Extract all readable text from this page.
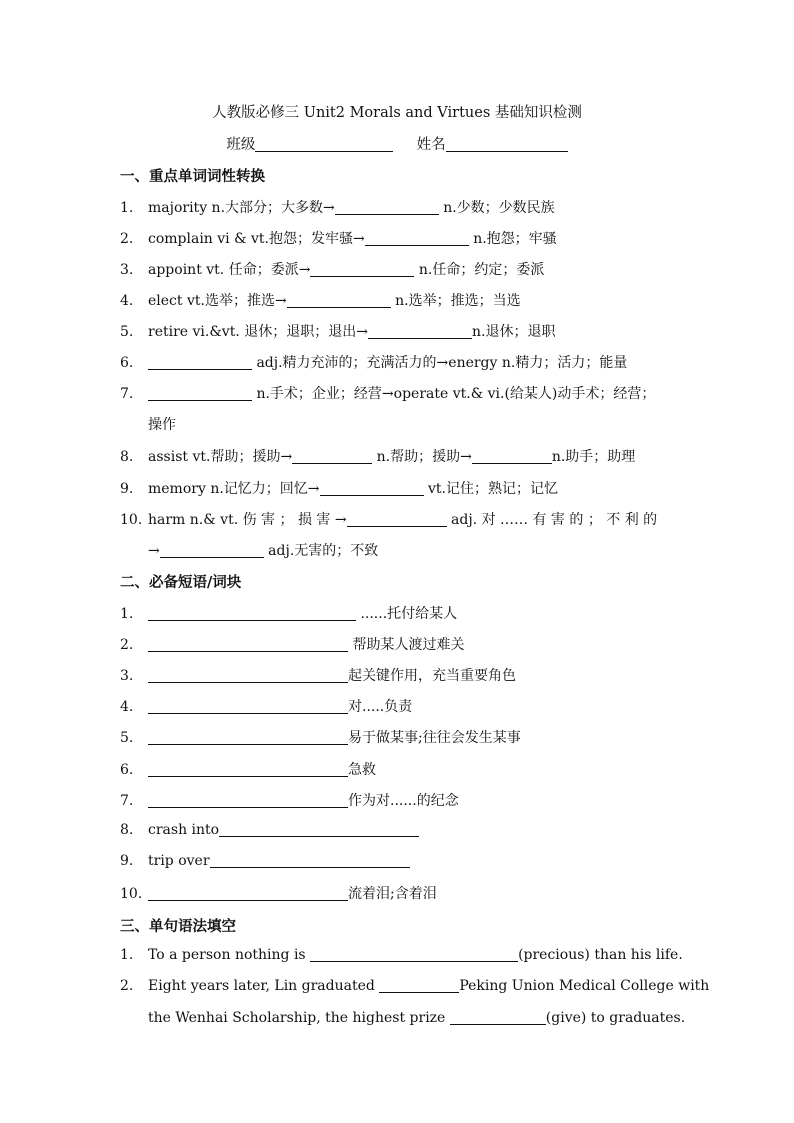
人教版必修三 Unit2 Morals and Virtues 基础知识检测
班级	姓名
一、重点单词词性转换
1. majority n.大部分；大多数→	n.少数；少数民族
2. complain vi & vt.抱怨；发牢骚→	n.抱怨；牢骚
3. appoint vt. 任命；委派→	n.任命；约定；委派
4. elect vt.选举；推选→	n.选举；推选；当选
5. retire vi.&vt. 退休；退职；退出→	n.退休；退职
6.	adj.精力充沛的；充满活力的→energy n.精力；活力；能量
7.	n.手术；企业；经营→operate vt.& vi.(给某人)动手术；经营；
操作
8. assist vt.帮助；援助→	n.帮助；援助→	n.助手；助理
9. memory n.记忆力；回忆→	vt.记住；熟记；记忆
10. harm n.& vt. 伤 害 ； 损 害 →	adj. 对 …… 有 害 的 ； 不 利 的
→	adj.无害的；不致
二、必备短语/词块
1.	......托付给某人
2.	帮助某人渡过难关
3.	起关键作用，充当重要角色
4.	对.....负责
5.	易于做某事;往往会发生某事
6.	急救
7.	作为对......的纪念
8. crash into
9. trip over
10.	流着泪;含着泪
三、单句语法填空
1. To a person nothing is	(precious) than his life.
2. Eight years later, Lin graduated	Peking Union Medical College with
the Wenhai Scholarship, the highest prize	(give) to graduates.
